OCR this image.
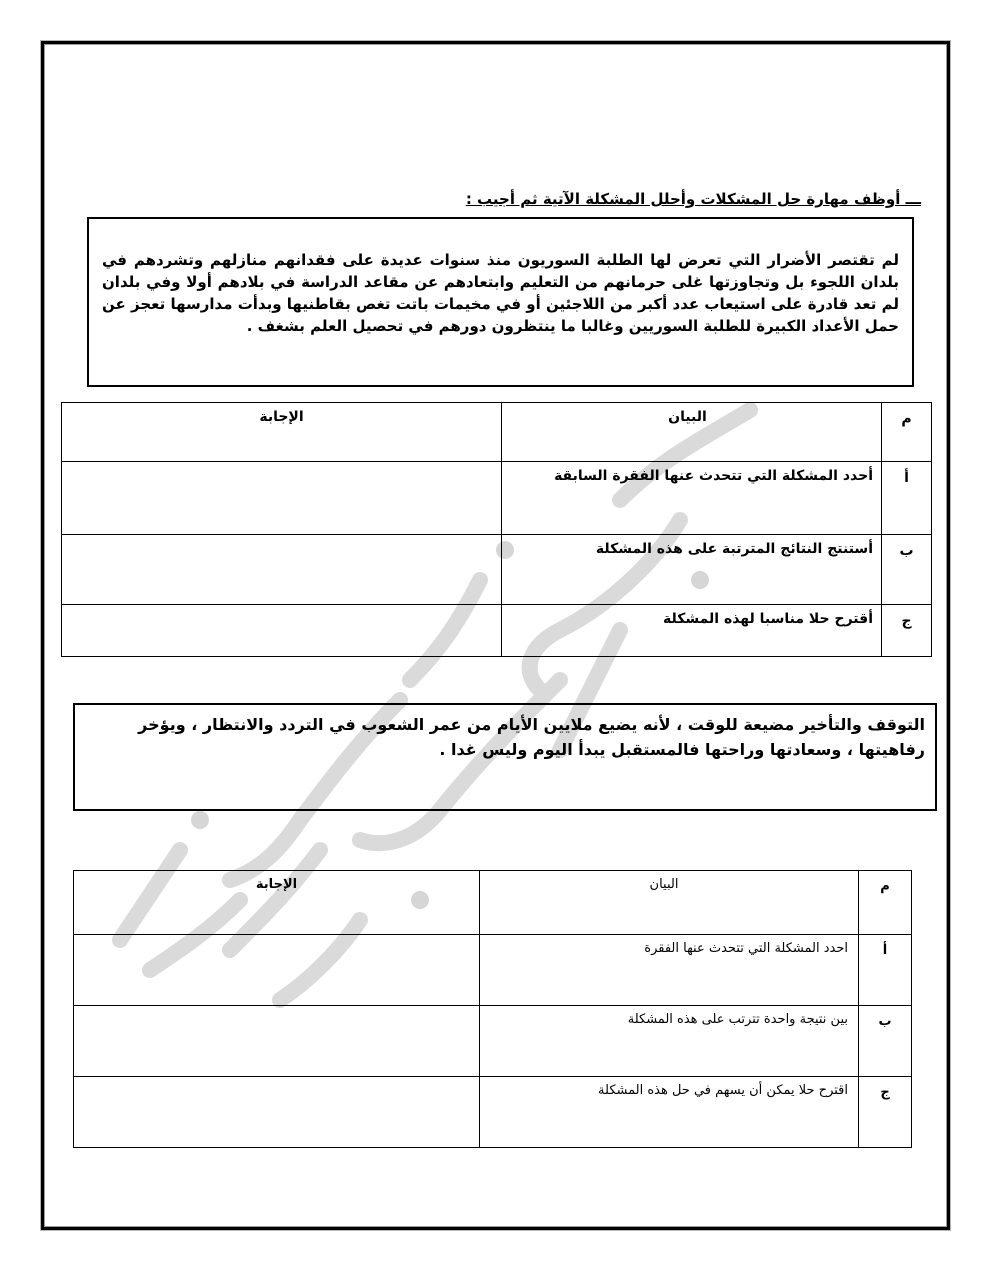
ـــ أوظف مهارة حل المشكلات وأحلل المشكلة الآتية ثم أجيب :

لم تقتصر الأضرار التي تعرض لها الطلبة السوريون منذ سنوات عديدة على فقدانهم منازلهم وتشردهم في بلدان اللجوء بل وتجاوزتها غلى حرمانهم من التعليم وابتعادهم عن مقاعد الدراسة في بلادهم أولا وفي بلدان لم تعد قادرة على استيعاب عدد أكبر من اللاجئين أو في مخيمات باتت تغص بقاطنيها وبدأت مدارسها تعجز عن حمل الأعداد الكبيرة للطلبة السوريين وغالبا ما ينتظرون دورهم في تحصيل العلم بشغف .

م	البيان	الإجابة
أ	أحدد المشكلة التي تتحدث عنها الفقرة السابقة	
ب	أستنتج النتائج المترتبة على هذه المشكلة	
ج	أقترح حلا مناسبا لهذه المشكلة	

التوقف والتأخير مضيعة للوقت ، لأنه يضيع ملايين الأيام من عمر الشعوب في التردد والانتظار ، ويؤخر رفاهيتها ، وسعادتها وراحتها فالمستقبل يبدأ اليوم وليس غدا .

م	البيان	الإجابة
أ	احدد المشكلة التي تتحدث عنها الفقرة	
ب	بين نتيجة واحدة تترتب على هذه المشكلة	
ج	اقترح حلا يمكن أن يسهم في حل هذه المشكلة	
